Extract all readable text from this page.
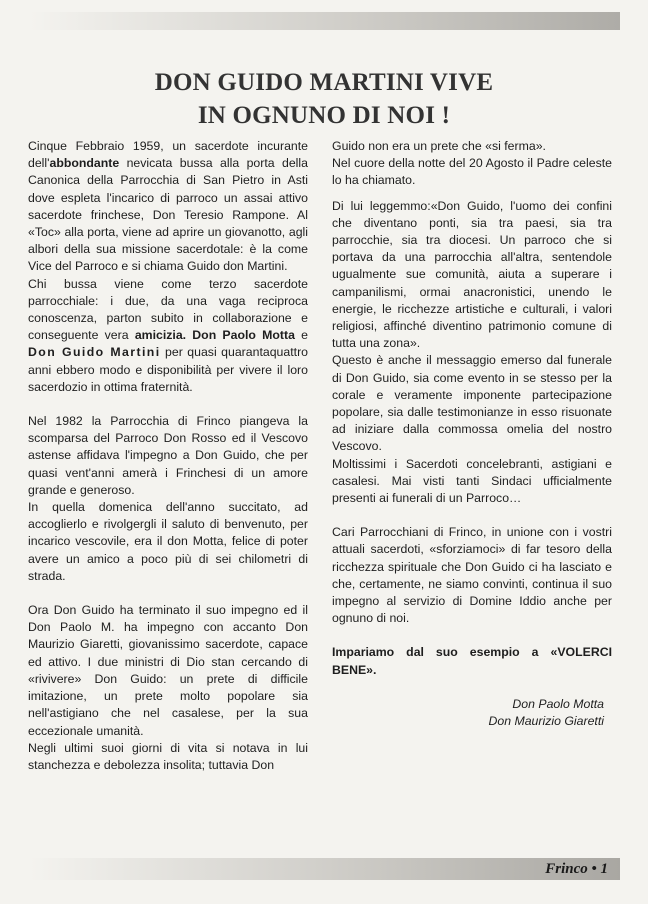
DON GUIDO MARTINI VIVE
IN OGNUNO DI NOI !

Cinque Febbraio 1959, un sacerdote incurante dell'abbondante nevicata bussa alla porta della Canonica della Parrocchia di San Pietro in Asti dove espleta l'incarico di parroco un assai attivo sacerdote frinchese, Don Teresio Rampone. Al «Toc» alla porta, viene ad aprire un giovanotto, agli albori della sua missione sacerdotale: è la come Vice del Parroco e si chiama Guido don Martini.

Chi bussa viene come terzo sacerdote parrocchiale: i due, da una vaga reciproca conoscenza, parton subito in collaborazione e conseguente vera amicizia. Don Paolo Motta e Don Guido Martini per quasi quarantaquattro anni ebbero modo e disponibilità per vivere il loro sacerdozio in ottima fraternità.

Nel 1982 la Parrocchia di Frinco piangeva la scomparsa del Parroco Don Rosso ed il Vescovo astense affidava l'impegno a Don Guido, che per quasi vent'anni amerà i Frinchesi di un amore grande e generoso.

In quella domenica dell'anno succitato, ad accoglierlo e rivolgergli il saluto di benvenuto, per incarico vescovile, era il don Motta, felice di poter avere un amico a poco più di sei chilometri di strada.

Ora Don Guido ha terminato il suo impegno ed il Don Paolo M. ha impegno con accanto Don Maurizio Giaretti, giovanissimo sacerdote, capace ed attivo. I due ministri di Dio stan cercando di «rivivere» Don Guido: un prete di difficile imitazione, un prete molto popolare sia nell'astigiano che nel casalese, per la sua eccezionale umanità.

Negli ultimi suoi giorni di vita si notava in lui stanchezza e debolezza insolita; tuttavia Don

Guido non era un prete che «si ferma».

Nel cuore della notte del 20 Agosto il Padre celeste lo ha chiamato.

Di lui leggemmo:«Don Guido, l'uomo dei confini che diventano ponti, sia tra paesi, sia tra parrocchie, sia tra diocesi. Un parroco che si portava da una parrocchia all'altra, sentendole ugualmente sue comunità, aiuta a superare i campanilismi, ormai anacronistici, unendo le energie, le ricchezze artistiche e culturali, i valori religiosi, affinché diventino patrimonio comune di tutta una zona».

Questo è anche il messaggio emerso dal funerale di Don Guido, sia come evento in se stesso per la corale e veramente imponente partecipazione popolare, sia dalle testimonianze in esso risuonate ad iniziare dalla commossa omelia del nostro Vescovo.

Moltissimi i Sacerdoti concelebranti, astigiani e casalesi. Mai visti tanti Sindaci ufficialmente presenti ai funerali di un Parroco…

Cari Parrocchiani di Frinco, in unione con i vostri attuali sacerdoti, «sforziamoci» di far tesoro della ricchezza spirituale che Don Guido ci ha lasciato e che, certamente, ne siamo convinti, continua il suo impegno al servizio di Domine Iddio anche per ognuno di noi.

Impariamo dal suo esempio a «VOLERCI BENE».

Don Paolo Motta

Don Maurizio Giaretti

Frinco • 1
